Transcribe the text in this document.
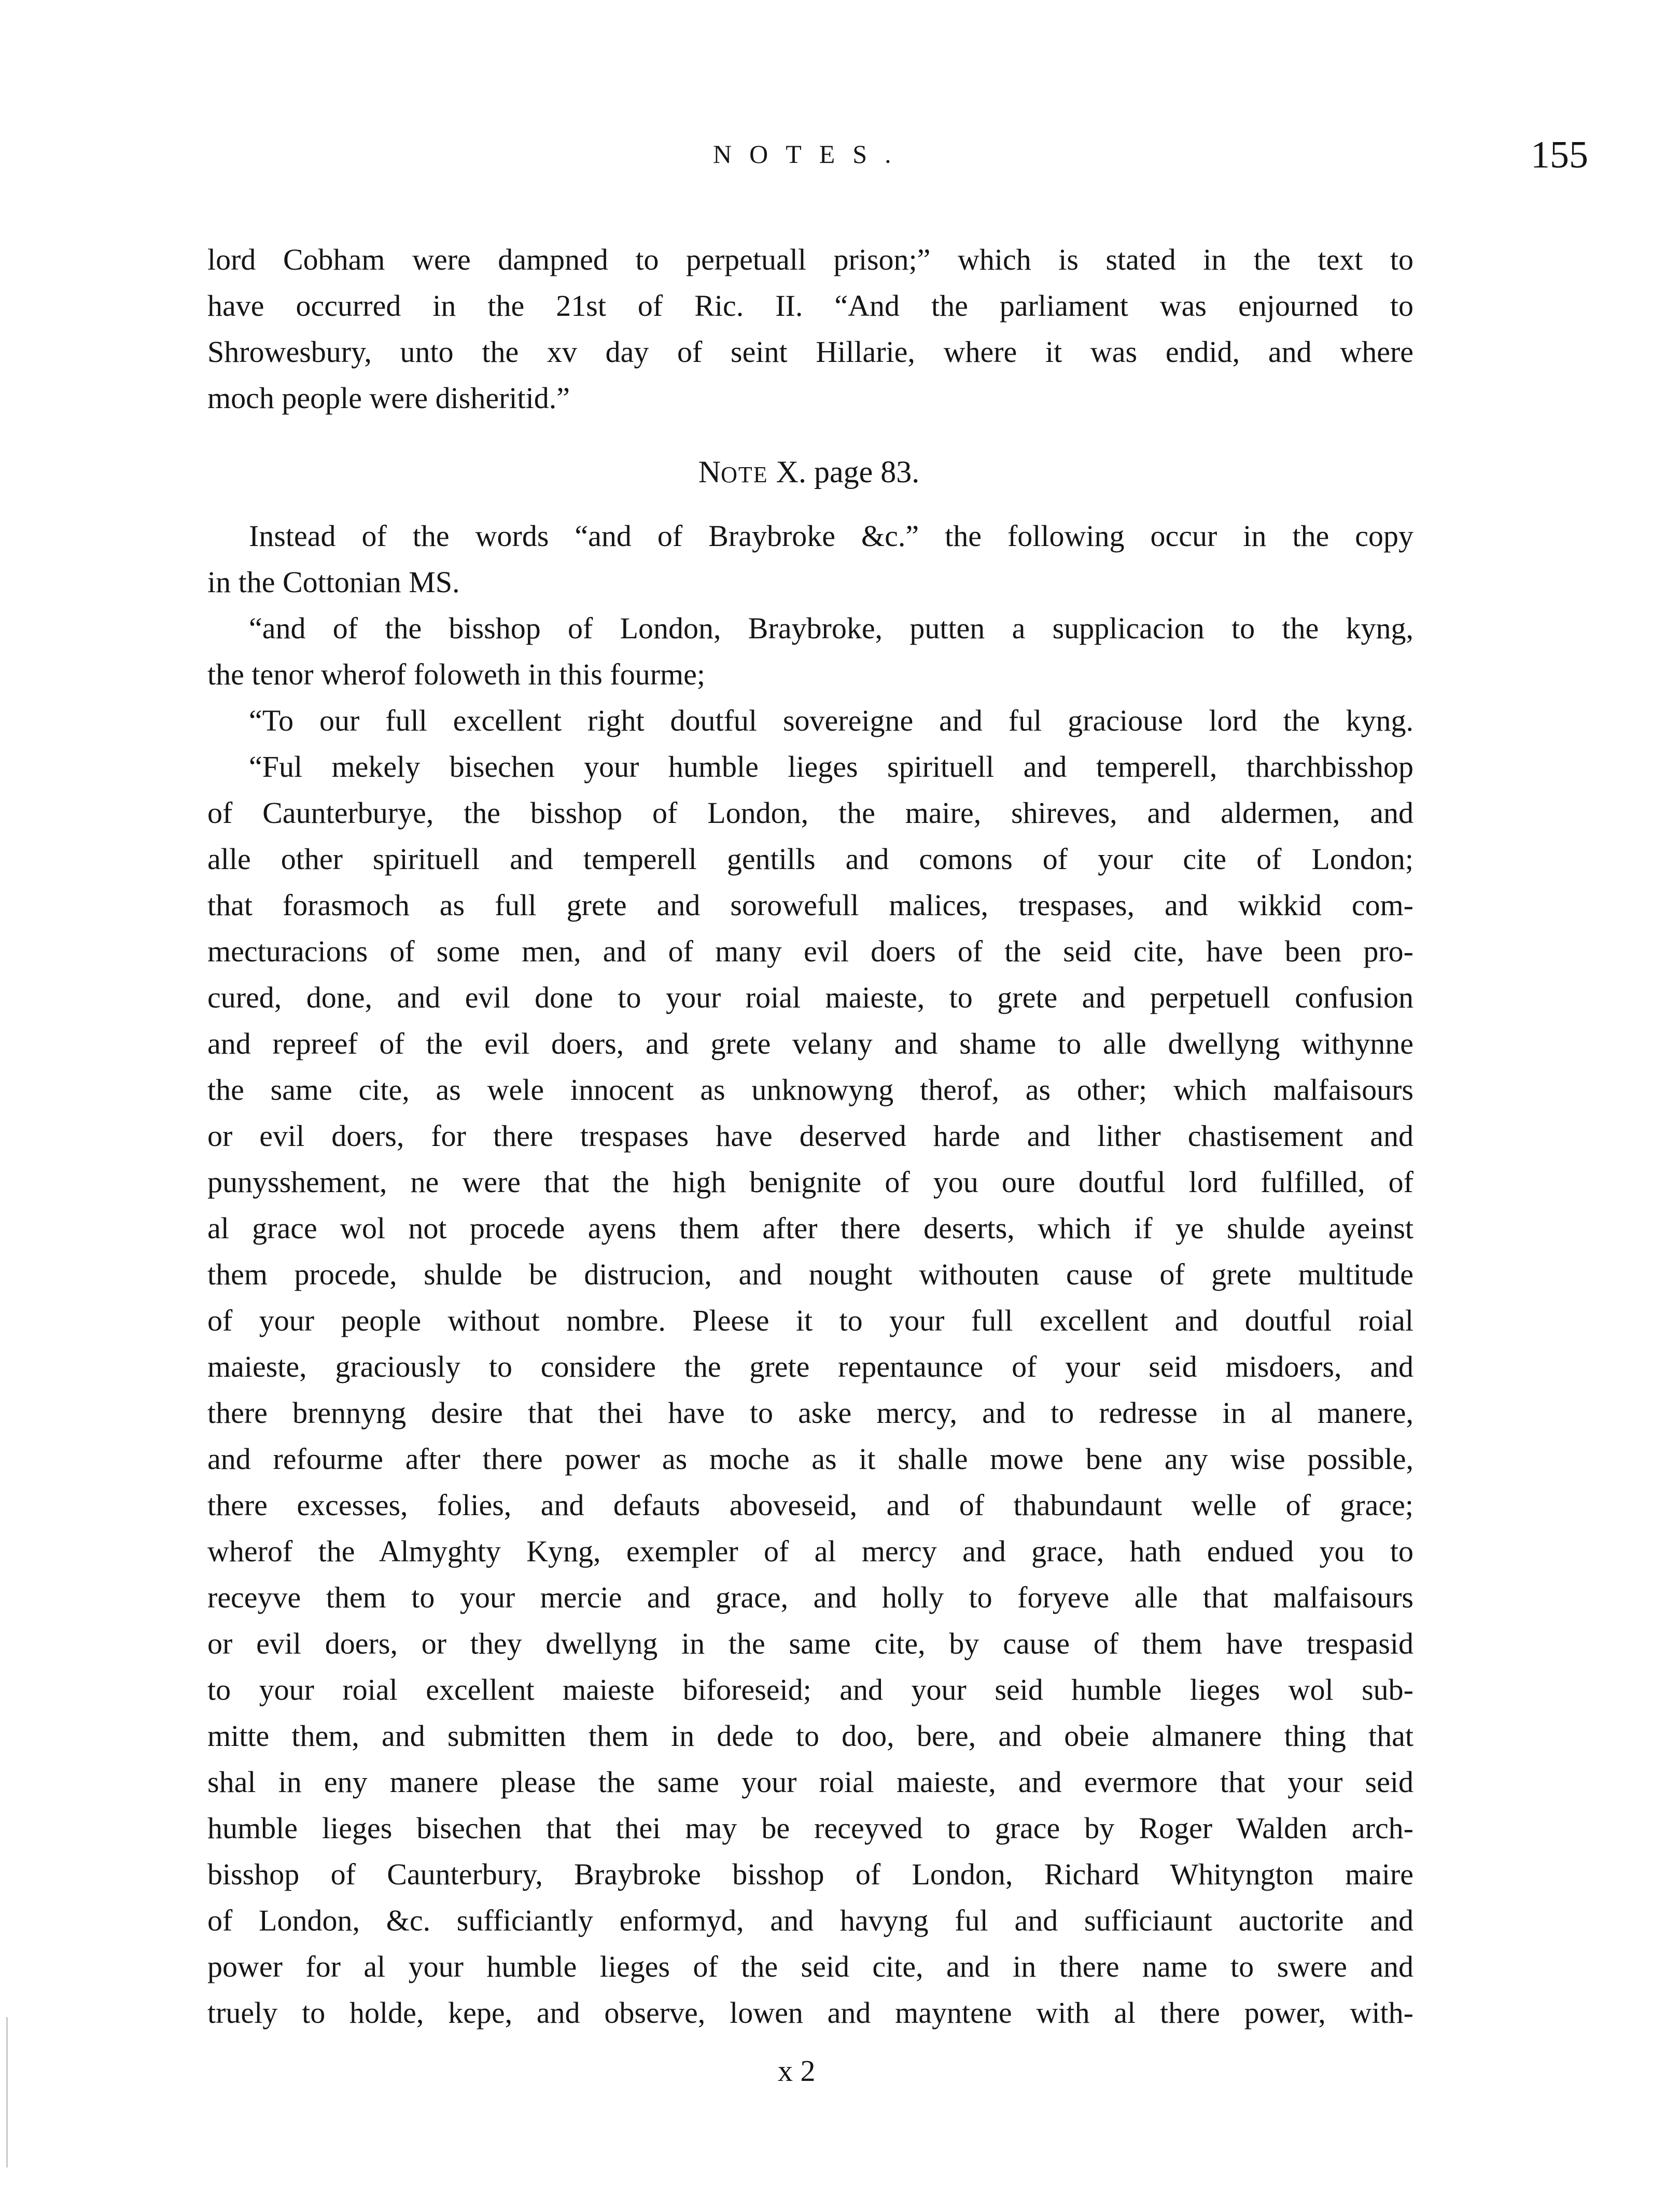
NOTES.	155
lord Cobham were dampned to perpetuall prison;” which is stated in the text to
have occurred in the 21st of Ric. II. “And the parliament was enjourned to
Shrowesbury, unto the xv day of seint Hillarie, where it was endid, and where
moch people were disheritid.”
NOTE X. page 83.
Instead of the words “and of Braybroke &c.” the following occur in the copy
in the Cottonian MS.
“and of the bisshop of London, Braybroke, putten a supplicacion to the kyng,
the tenor wherof foloweth in this fourme;
“To our full excellent right doutful sovereigne and ful graciouse lord the kyng.
“Ful mekely bisechen your humble lieges spirituell and temperell, tharchbisshop
of Caunterburye, the bisshop of London, the maire, shireves, and aldermen, and
alle other spirituell and temperell gentills and comons of your cite of London;
that forasmoch as full grete and sorowefull malices, trespases, and wikkid com-
mecturacions of some men, and of many evil doers of the seid cite, have been pro-
cured, done, and evil done to your roial maieste, to grete and perpetuell confusion
and repreef of the evil doers, and grete velany and shame to alle dwellyng withynne
the same cite, as wele innocent as unknowyng therof, as other; which malfaisours
or evil doers, for there trespases have deserved harde and lither chastisement and
punysshement, ne were that the high benignite of you oure doutful lord fulfilled, of
al grace wol not procede ayens them after there deserts, which if ye shulde ayeinst
them procede, shulde be distrucion, and nought withouten cause of grete multitude
of your people without nombre. Pleese it to your full excellent and doutful roial
maieste, graciously to considere the grete repentaunce of your seid misdoers, and
there brennyng desire that thei have to aske mercy, and to redresse in al manere,
and refourme after there power as moche as it shalle mowe bene any wise possible,
there excesses, folies, and defauts aboveseid, and of thabundaunt welle of grace;
wherof the Almyghty Kyng, exempler of al mercy and grace, hath endued you to
receyve them to your mercie and grace, and holly to foryeve alle that malfaisours
or evil doers, or they dwellyng in the same cite, by cause of them have trespasid
to your roial excellent maieste biforeseid; and your seid humble lieges wol sub-
mitte them, and submitten them in dede to doo, bere, and obeie almanere thing that
shal in eny manere please the same your roial maieste, and evermore that your seid
humble lieges bisechen that thei may be receyved to grace by Roger Walden arch-
bisshop of Caunterbury, Braybroke bisshop of London, Richard Whityngton maire
of London, &c. sufficiantly enformyd, and havyng ful and sufficiaunt auctorite and
power for al your humble lieges of the seid cite, and in there name to swere and
truely to holde, kepe, and observe, lowen and mayntene with al there power, with-
x 2
